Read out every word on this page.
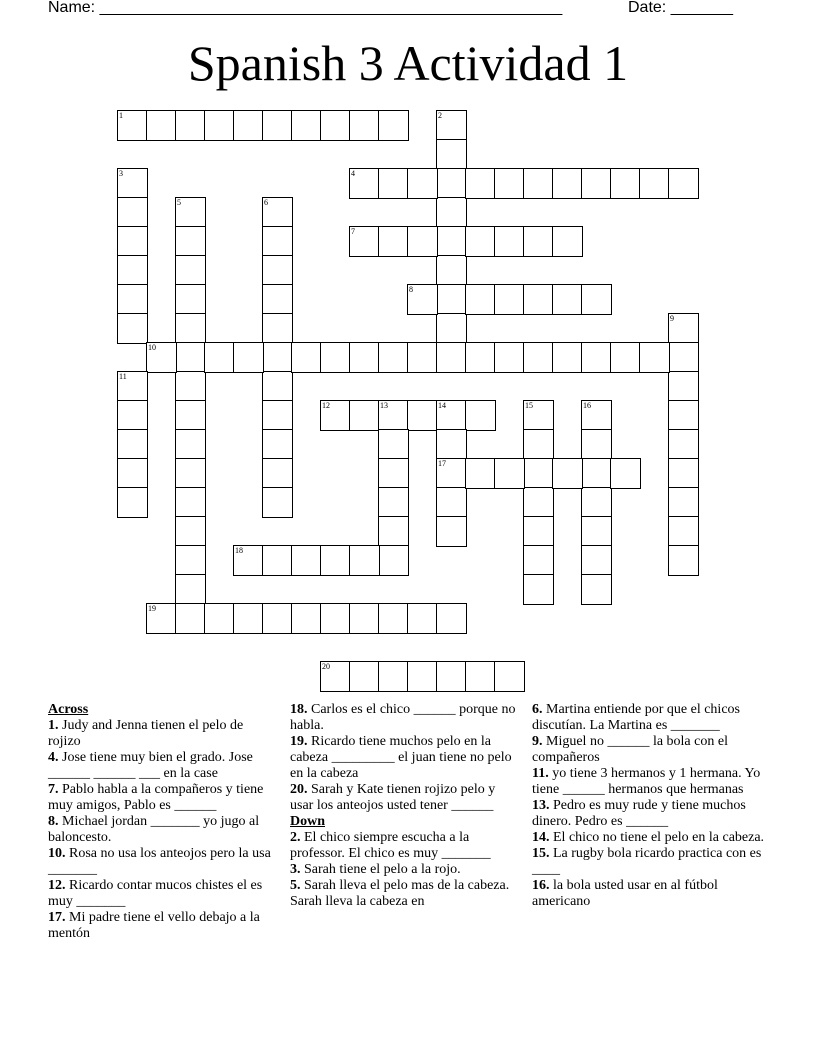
Name: ____________________________________________________	Date: _______
Spanish 3 Actividad 1
1	2
3	4
5	6
7
8
9
10
11
12	13	14
17
15	16
18
19
20
Across
1. Judy and Jenna tienen el pelo de rojizo
4. Jose tiene muy bien el grado. Jose ______ ______ ___ en la case
7. Pablo habla a la compañeros y tiene muy amigos, Pablo es ______
8. Michael jordan _______ yo jugo al baloncesto.
10. Rosa no usa los anteojos pero la usa _______
12. Ricardo contar mucos chistes el es muy _______
17. Mi padre tiene el vello debajo a la mentón
18. Carlos es el chico ______ porque no habla.
19. Ricardo tiene muchos pelo en la cabeza _________ el juan tiene no pelo en la cabeza
20. Sarah y Kate tienen rojizo pelo y usar los anteojos usted tener ______
Down
2. El chico siempre escucha a la professor. El chico es muy _______
3. Sarah tiene el pelo a la rojo.
5. Sarah lleva el pelo mas de la cabeza. Sarah lleva la cabeza en
6. Martina entiende por que el chicos discutían. La Martina es _______
9. Miguel no ______ la bola con el compañeros
11. yo tiene 3 hermanos y 1 hermana. Yo tiene ______ hermanos que hermanas
13. Pedro es muy rude y tiene muchos dinero. Pedro es ______
14. El chico no tiene el pelo en la cabeza.
15. La rugby bola ricardo practica con es ____
16. la bola usted usar en al fútbol americano
